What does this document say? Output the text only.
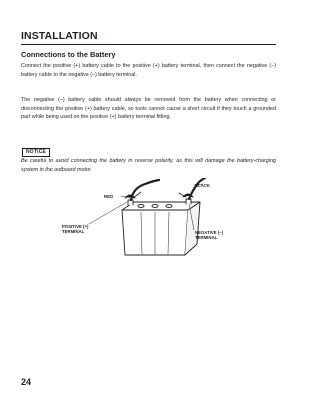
INSTALLATION
Connections to the Battery

Connect the positive (+) battery cable to the positive (+) battery terminal, then connect the negative (–) battery cable to the negative (–) battery terminal.

The negative (–) battery cable should always be removed from the battery when connecting or disconnecting the positive (+) battery cable, so tools cannot cause a short circuit if they touch a grounded part while being used on the positive (+) battery terminal fitting.

NOTICE

Be careful to avoid connecting the battery in reverse polarity, as this will damage the battery-charging system in the outboard motor.

RED
BLACK
POSITIVE (+)
TERMINAL	NEGATIVE (–)
TERMINAL

24
